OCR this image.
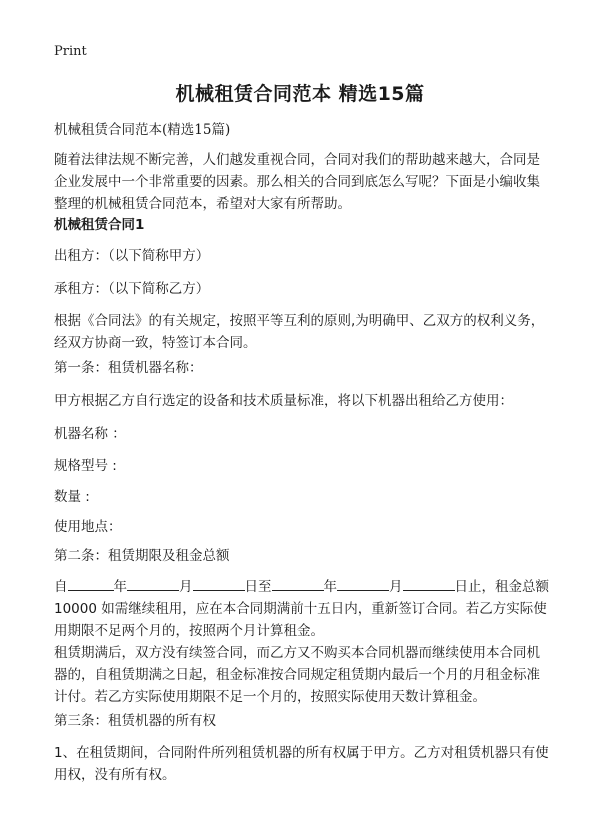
Print
机械租赁合同范本 精选15篇

机械租赁合同范本(精选15篇)

随着法律法规不断完善，人们越发重视合同，合同对我们的帮助越来越大，合同是企业发展中一个非常重要的因素。那么相关的合同到底怎么写呢？下面是小编收集整理的机械租赁合同范本，希望对大家有所帮助。

机械租赁合同1

出租方：（以下简称甲方）

承租方：（以下简称乙方）

根据《合同法》的有关规定，按照平等互利的原则,为明确甲、乙双方的权利义务，经双方协商一致，特签订本合同。

第一条：租赁机器名称：

甲方根据乙方自行选定的设备和技术质量标准，将以下机器出租给乙方使用：

机器名称 ：

规格型号 :

数量 :

使用地点：

第二条：租赁期限及租金总额

自	年	月	日至	年	月	日止，租金总额 10000 如需继续租用，应在本合同期满前十五日内，重新签订合同。若乙方实际使用期限不足两个月的，按照两个月计算租金。

租赁期满后，双方没有续签合同，而乙方又不购买本合同机器而继续使用本合同机器的，自租赁期满之日起，租金标准按合同规定租赁期内最后一个月的月租金标准计付。若乙方实际使用期限不足一个月的，按照实际使用天数计算租金。

第三条：租赁机器的所有权

1、在租赁期间，合同附件所列租赁机器的所有权属于甲方。乙方对租赁机器只有使用权，没有所有权。
